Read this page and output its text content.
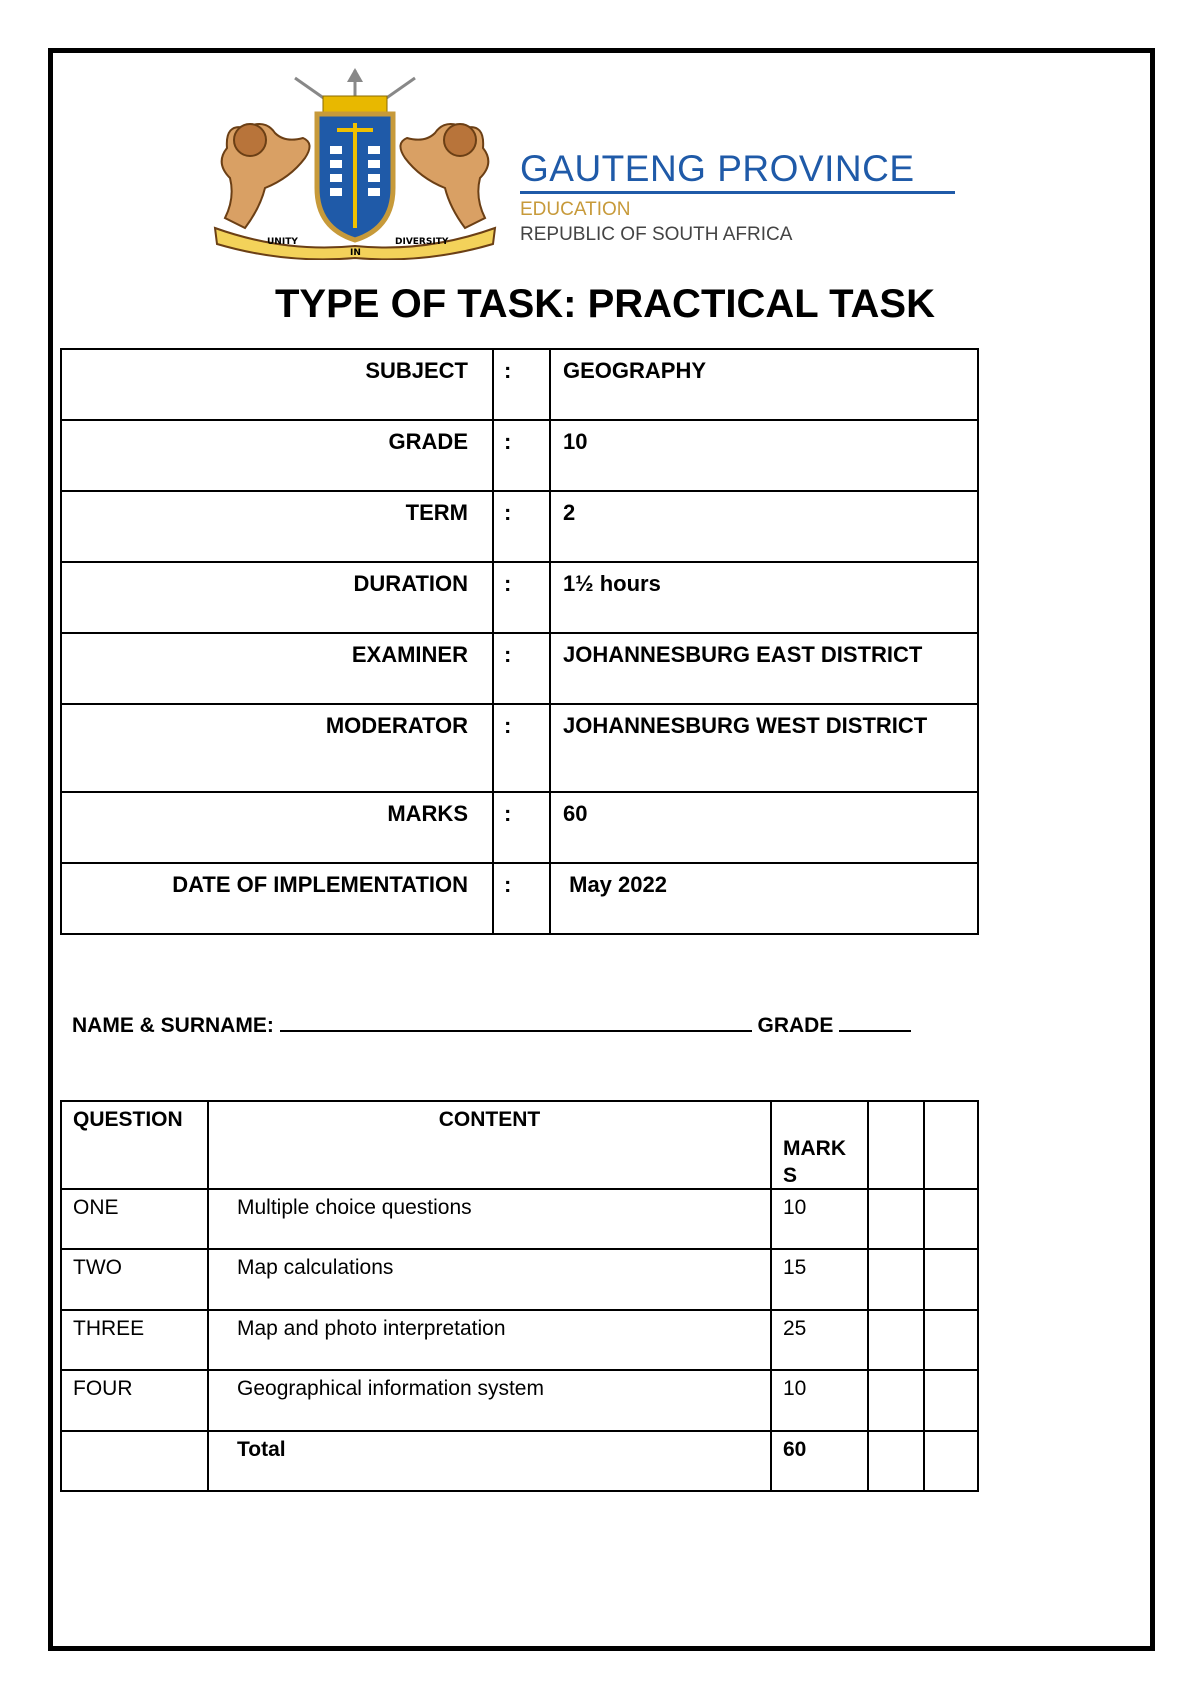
UNITY
IN
DIVERSITY
GAUTENG PROVINCE
EDUCATION
REPUBLIC OF SOUTH AFRICA
TYPE OF TASK: PRACTICAL TASK
SUBJECT	:	GEOGRAPHY
GRADE	:	10
TERM	:	2
DURATION	:	1½ hours
EXAMINER	:	JOHANNESBURG EAST DISTRICT
MODERATOR	:	JOHANNESBURG WEST DISTRICT
MARKS	:	60
DATE OF IMPLEMENTATION	:	May 2022
NAME & SURNAME:	GRADE
QUESTION	CONTENT	MARK
S		

ONE	Multiple choice questions	10		
TWO	Map calculations	15		
THREE	Map and photo interpretation	25		
FOUR	Geographical information system	10		
	Total	60		
